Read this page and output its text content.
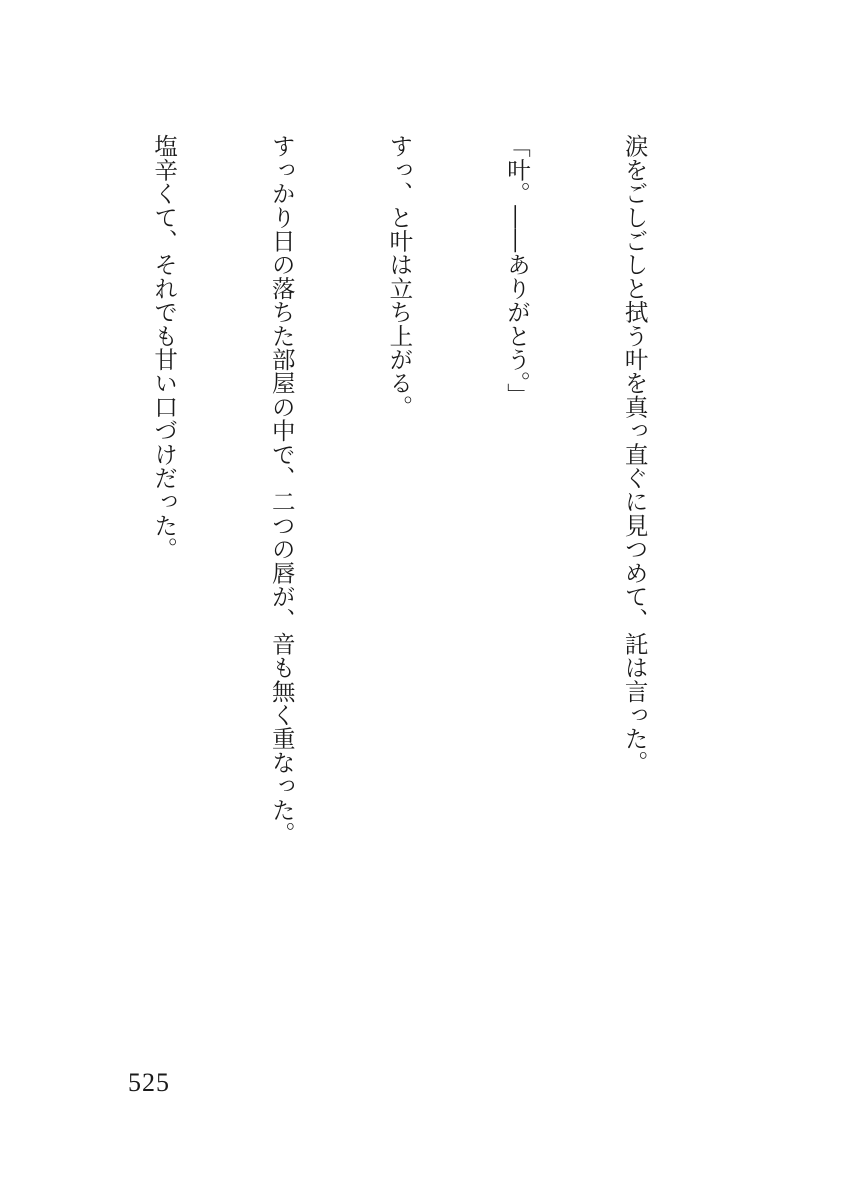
涙をごしごしと拭う叶を真っ直ぐに見つめて、託は言った。

「叶。――ありがとう。」

すっ、と叶は立ち上がる。

すっかり日の落ちた部屋の中で、二つの唇が、音も無く重なった。

塩辛くて、それでも甘い口づけだった。

525
